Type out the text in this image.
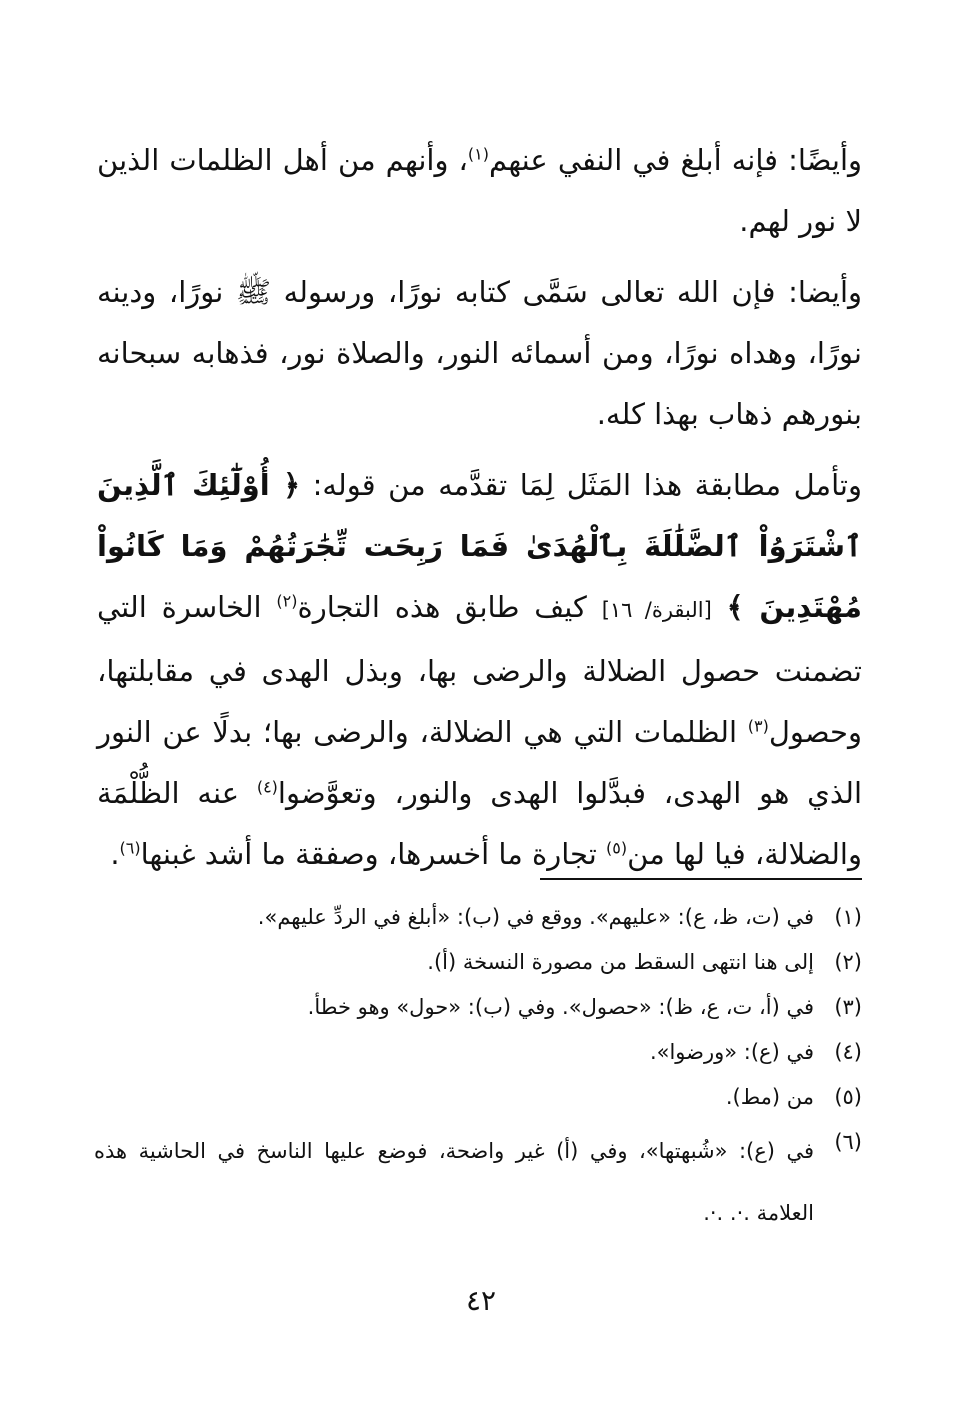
وأيضًا: فإنه أبلغ في النفي عنهم$^{(١)}$، وأنهم من أهل الظلمات الذين لا نور لهم.

وأيضا: فإن الله تعالى سَمَّى كتابه نورًا، ورسوله ﷺ نورًا، ودينه نورًا، وهداه نورًا، ومن أسمائه النور، والصلاة نور، فذهابه سبحانه بنورهم ذهاب بهذا كله.

وتأمل مطابقة هذا المَثَل لِمَا تقدَّمه من قوله: ﴿ أُوْلَٰٓئِكَ ٱلَّذِينَ ٱشْتَرَوُاْ ٱلضَّلَٰلَةَ بِٱلْهُدَىٰ فَمَا رَبِحَت تِّجَٰرَتُهُمْ وَمَا كَانُواْ مُهْتَدِينَ ﴾ [البقرة/ ١٦] كيف طابق هذه التجارة$^{(٢)}$ الخاسرة التي تضمنت حصول الضلالة والرضى بها، وبذل الهدى في مقابلتها، وحصول$^{(٣)}$ الظلمات التي هي الضلالة، والرضى بها؛ بدلًا عن النور الذي هو الهدى، فبدَّلوا الهدى والنور، وتعوَّضوا$^{(٤)}$ عنه الظُّلْمَة والضلالة، فيا لها من$^{(٥)}$ تجارة ما أخسرها، وصفقة ما أشد غبنها$^{(٦)}$.

(١)
في (ت، ظ، ع): «عليهم». ووقع في (ب): «أبلغ في الردِّ عليهم».
(٢)
إلى هنا انتهى السقط من مصورة النسخة (أ).
(٣)
في (أ، ت، ع، ظ): «حصول». وفي (ب): «حول» وهو خطأ.
(٤)
في (ع): «ورضوا».
(٥)
من (مط).
(٦)
في (ع): «شُبهتها»، وفي (أ) غير واضحة، فوضع عليها الناسخ في الحاشية هذه العلامة .·. .·.
٤٢
